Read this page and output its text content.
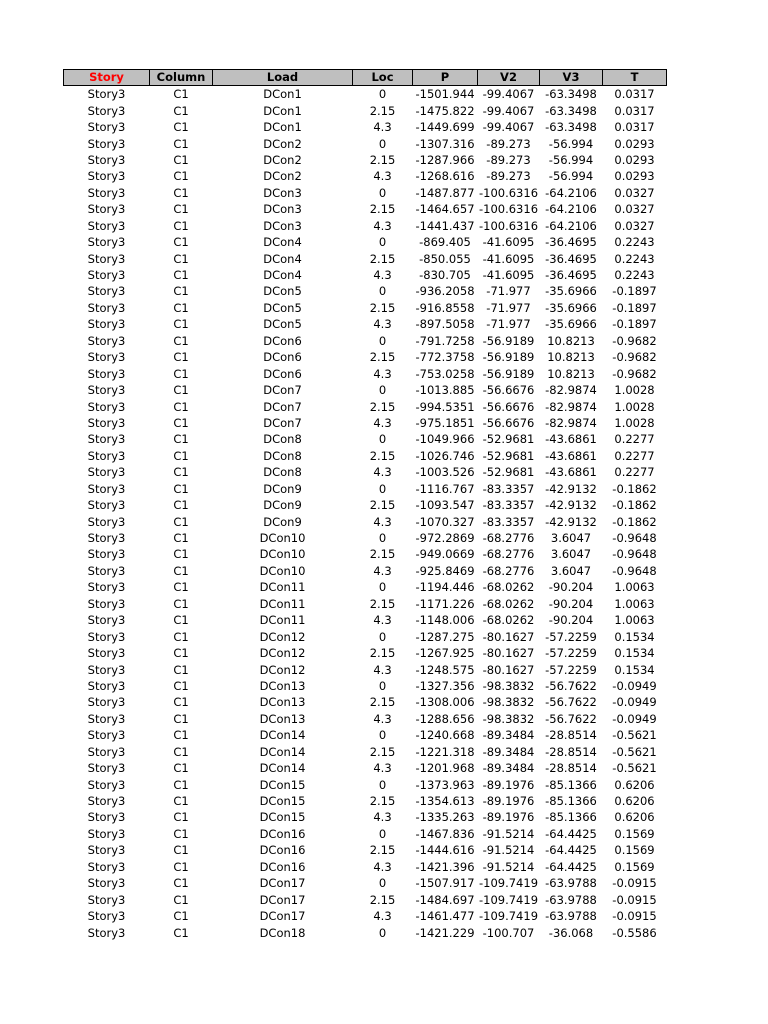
Story	Column	Load	Loc	P	V2	V3	T
Story3	C1	DCon1	0	-1501.944	-99.4067	-63.3498	0.0317
Story3	C1	DCon1	2.15	-1475.822	-99.4067	-63.3498	0.0317
Story3	C1	DCon1	4.3	-1449.699	-99.4067	-63.3498	0.0317
Story3	C1	DCon2	0	-1307.316	-89.273	-56.994	0.0293
Story3	C1	DCon2	2.15	-1287.966	-89.273	-56.994	0.0293
Story3	C1	DCon2	4.3	-1268.616	-89.273	-56.994	0.0293
Story3	C1	DCon3	0	-1487.877	-100.6316	-64.2106	0.0327
Story3	C1	DCon3	2.15	-1464.657	-100.6316	-64.2106	0.0327
Story3	C1	DCon3	4.3	-1441.437	-100.6316	-64.2106	0.0327
Story3	C1	DCon4	0	-869.405	-41.6095	-36.4695	0.2243
Story3	C1	DCon4	2.15	-850.055	-41.6095	-36.4695	0.2243
Story3	C1	DCon4	4.3	-830.705	-41.6095	-36.4695	0.2243
Story3	C1	DCon5	0	-936.2058	-71.977	-35.6966	-0.1897
Story3	C1	DCon5	2.15	-916.8558	-71.977	-35.6966	-0.1897
Story3	C1	DCon5	4.3	-897.5058	-71.977	-35.6966	-0.1897
Story3	C1	DCon6	0	-791.7258	-56.9189	10.8213	-0.9682
Story3	C1	DCon6	2.15	-772.3758	-56.9189	10.8213	-0.9682
Story3	C1	DCon6	4.3	-753.0258	-56.9189	10.8213	-0.9682
Story3	C1	DCon7	0	-1013.885	-56.6676	-82.9874	1.0028
Story3	C1	DCon7	2.15	-994.5351	-56.6676	-82.9874	1.0028
Story3	C1	DCon7	4.3	-975.1851	-56.6676	-82.9874	1.0028
Story3	C1	DCon8	0	-1049.966	-52.9681	-43.6861	0.2277
Story3	C1	DCon8	2.15	-1026.746	-52.9681	-43.6861	0.2277
Story3	C1	DCon8	4.3	-1003.526	-52.9681	-43.6861	0.2277
Story3	C1	DCon9	0	-1116.767	-83.3357	-42.9132	-0.1862
Story3	C1	DCon9	2.15	-1093.547	-83.3357	-42.9132	-0.1862
Story3	C1	DCon9	4.3	-1070.327	-83.3357	-42.9132	-0.1862
Story3	C1	DCon10	0	-972.2869	-68.2776	3.6047	-0.9648
Story3	C1	DCon10	2.15	-949.0669	-68.2776	3.6047	-0.9648
Story3	C1	DCon10	4.3	-925.8469	-68.2776	3.6047	-0.9648
Story3	C1	DCon11	0	-1194.446	-68.0262	-90.204	1.0063
Story3	C1	DCon11	2.15	-1171.226	-68.0262	-90.204	1.0063
Story3	C1	DCon11	4.3	-1148.006	-68.0262	-90.204	1.0063
Story3	C1	DCon12	0	-1287.275	-80.1627	-57.2259	0.1534
Story3	C1	DCon12	2.15	-1267.925	-80.1627	-57.2259	0.1534
Story3	C1	DCon12	4.3	-1248.575	-80.1627	-57.2259	0.1534
Story3	C1	DCon13	0	-1327.356	-98.3832	-56.7622	-0.0949
Story3	C1	DCon13	2.15	-1308.006	-98.3832	-56.7622	-0.0949
Story3	C1	DCon13	4.3	-1288.656	-98.3832	-56.7622	-0.0949
Story3	C1	DCon14	0	-1240.668	-89.3484	-28.8514	-0.5621
Story3	C1	DCon14	2.15	-1221.318	-89.3484	-28.8514	-0.5621
Story3	C1	DCon14	4.3	-1201.968	-89.3484	-28.8514	-0.5621
Story3	C1	DCon15	0	-1373.963	-89.1976	-85.1366	0.6206
Story3	C1	DCon15	2.15	-1354.613	-89.1976	-85.1366	0.6206
Story3	C1	DCon15	4.3	-1335.263	-89.1976	-85.1366	0.6206
Story3	C1	DCon16	0	-1467.836	-91.5214	-64.4425	0.1569
Story3	C1	DCon16	2.15	-1444.616	-91.5214	-64.4425	0.1569
Story3	C1	DCon16	4.3	-1421.396	-91.5214	-64.4425	0.1569
Story3	C1	DCon17	0	-1507.917	-109.7419	-63.9788	-0.0915
Story3	C1	DCon17	2.15	-1484.697	-109.7419	-63.9788	-0.0915
Story3	C1	DCon17	4.3	-1461.477	-109.7419	-63.9788	-0.0915
Story3	C1	DCon18	0	-1421.229	-100.707	-36.068	-0.5586
